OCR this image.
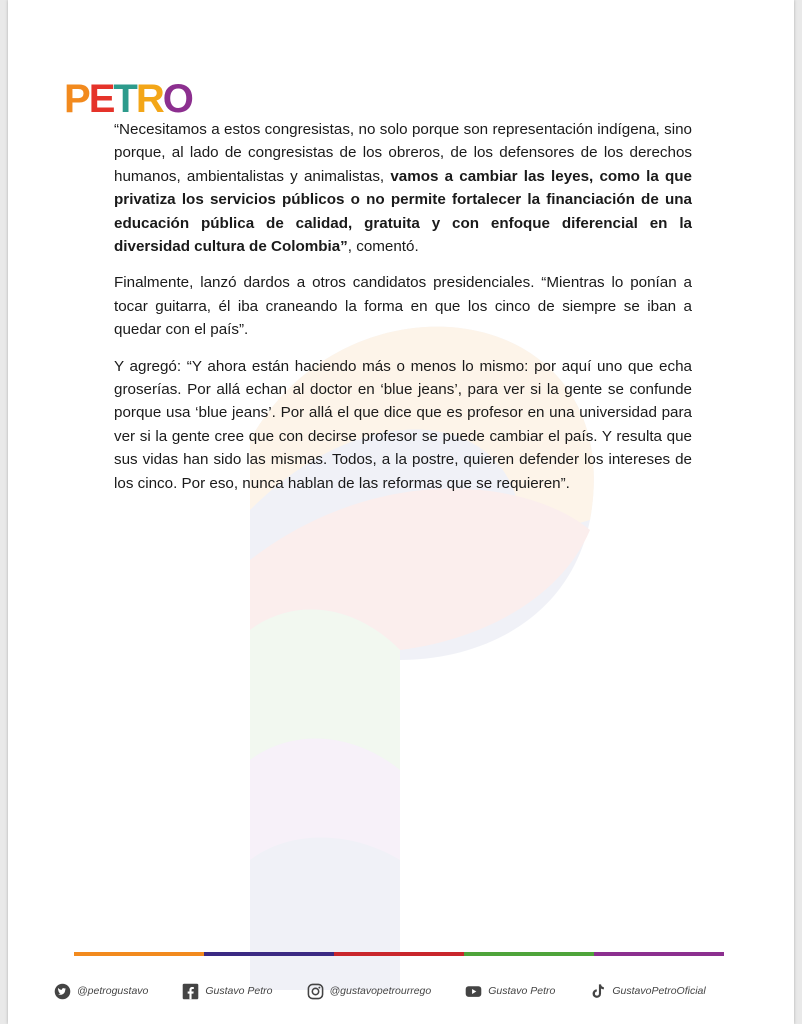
PETRO

“Necesitamos a estos congresistas, no solo porque son representación indígena, sino porque, al lado de congresistas de los obreros, de los defensores de los derechos humanos, ambientalistas y animalistas, vamos a cambiar las leyes, como la que privatiza los servicios públicos o no permite fortalecer la financiación de una educación pública de calidad, gratuita y con enfoque diferencial en la diversidad cultura de Colombia”, comentó.

Finalmente, lanzó dardos a otros candidatos presidenciales. “Mientras lo ponían a tocar guitarra, él iba craneando la forma en que los cinco de siempre se iban a quedar con el país”.

Y agregó: “Y ahora están haciendo más o menos lo mismo: por aquí uno que echa groserías. Por allá echan al doctor en ‘blue jeans’, para ver si la gente se confunde porque usa ‘blue jeans’. Por allá el que dice que es profesor en una universidad para ver si la gente cree que con decirse profesor se puede cambiar el país. Y resulta que sus vidas han sido las mismas. Todos, a la postre, quieren defender los intereses de los cinco. Por eso, nunca hablan de las reformas que se requieren”.

@petrogustavo	Gustavo Petro	@gustavopetrourrego	Gustavo Petro	GustavoPetroOficial
